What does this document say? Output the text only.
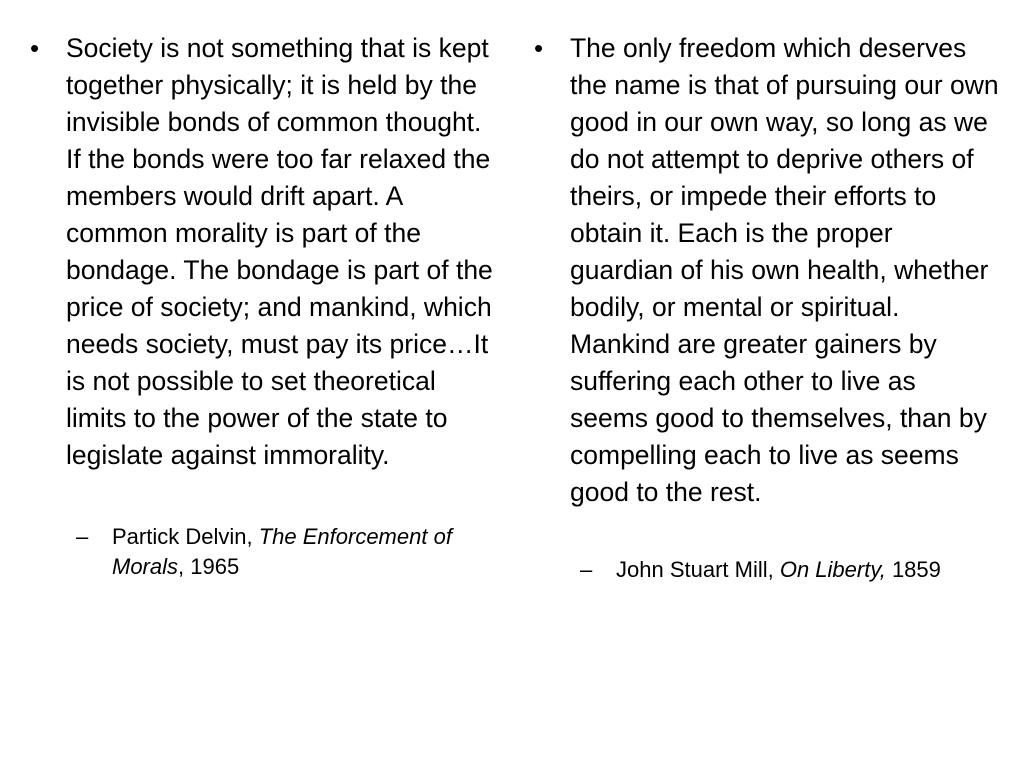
• Society is not something that is kept together physically; it is held by the invisible bonds of common thought. If the bonds were too far relaxed the members would drift apart. A common morality is part of the bondage. The bondage is part of the price of society; and mankind, which needs society, must pay its price…It is not possible to set theoretical limits to the power of the state to legislate against immorality.

– Partick Delvin, The Enforcement of Morals, 1965
• The only freedom which deserves the name is that of pursuing our own good in our own way, so long as we do not attempt to deprive others of theirs, or impede their efforts to obtain it. Each is the proper guardian of his own health, whether bodily, or mental or spiritual. Mankind are greater gainers by suffering each other to live as seems good to themselves, than by compelling each to live as seems good to the rest.

– John Stuart Mill, On Liberty, 1859
